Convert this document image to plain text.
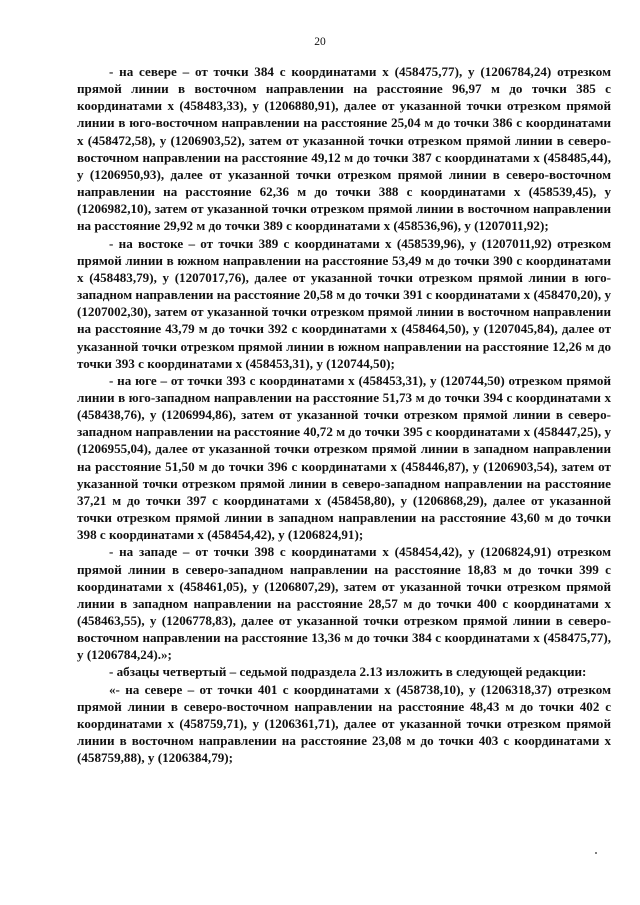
20

- на севере – от точки 384 с координатами x (458475,77), y (1206784,24) отрезком прямой линии в восточном направлении на расстояние 96,97 м до точки 385 с координатами x (458483,33), y (1206880,91), далее от указанной точки отрезком прямой линии в юго-восточном направлении на расстояние 25,04 м до точки 386 с координатами x (458472,58), y (1206903,52), затем от указанной точки отрезком прямой линии в северо-восточном направлении на расстояние 49,12 м до точки 387 с координатами x (458485,44), y (1206950,93), далее от указанной точки отрезком прямой линии в северо-восточном направлении на расстояние 62,36 м до точки 388 с координатами x (458539,45), y (1206982,10), затем от указанной точки отрезком прямой линии в восточном направлении на расстояние 29,92 м до точки 389 с координатами x (458536,96), y (1207011,92);

- на востоке – от точки 389 с координатами x (458539,96), y (1207011,92) отрезком прямой линии в южном направлении на расстояние 53,49 м до точки 390 с координатами x (458483,79), y (1207017,76), далее от указанной точки отрезком прямой линии в юго-западном направлении на расстояние 20,58 м до точки 391 с координатами x (458470,20), y (1207002,30), затем от указанной точки отрезком прямой линии в восточном направлении на расстояние 43,79 м до точки 392 с координатами x (458464,50), y (1207045,84), далее от указанной точки отрезком прямой линии в южном направлении на расстояние 12,26 м до точки 393 с координатами x (458453,31), y (120744,50);

- на юге – от точки 393 с координатами x (458453,31), y (120744,50) отрезком прямой линии в юго-западном направлении на расстояние 51,73 м до точки 394 с координатами x (458438,76), y (1206994,86), затем от указанной точки отрезком прямой линии в северо-западном направлении на расстояние 40,72 м до точки 395 с координатами x (458447,25), y (1206955,04), далее от указанной точки отрезком прямой линии в западном направлении на расстояние 51,50 м до точки 396 с координатами x (458446,87), y (1206903,54), затем от указанной точки отрезком прямой линии в северо-западном направлении на расстояние 37,21 м до точки 397 с координатами x (458458,80), y (1206868,29), далее от указанной точки отрезком прямой линии в западном направлении на расстояние 43,60 м до точки 398 с координатами x (458454,42), y (1206824,91);

- на западе – от точки 398 с координатами x (458454,42), y (1206824,91) отрезком прямой линии в северо-западном направлении на расстояние 18,83 м до точки 399 с координатами x (458461,05), y (1206807,29), затем от указанной точки отрезком прямой линии в западном направлении на расстояние 28,57 м до точки 400 с координатами x (458463,55), y (1206778,83), далее от указанной точки отрезком прямой линии в северо-восточном направлении на расстояние 13,36 м до точки 384 с координатами x (458475,77), y (1206784,24).»;

- абзацы четвертый – седьмой подраздела 2.13 изложить в следующей редакции:

«- на севере – от точки 401 с координатами x (458738,10), y (1206318,37) отрезком прямой линии в северо-восточном направлении на расстояние 48,43 м до точки 402 с координатами x (458759,71), y (1206361,71), далее от указанной точки отрезком прямой линии в восточном направлении на расстояние 23,08 м до точки 403 с координатами x (458759,88), y (1206384,79);
